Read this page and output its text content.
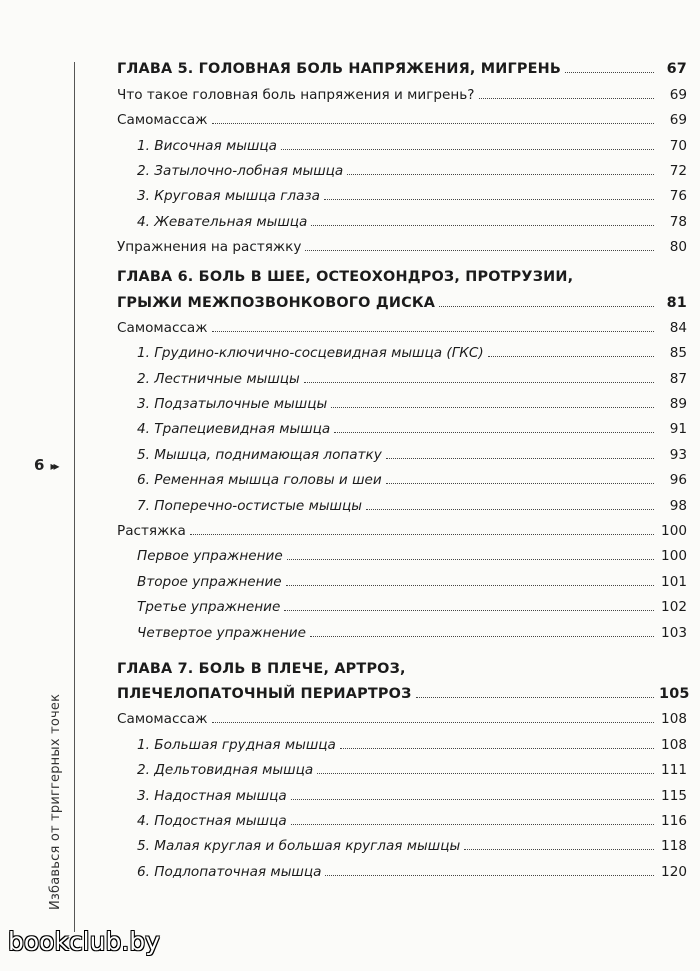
6 ▸▸
Избавься от триггерных точек
bookclub.by
ГЛАВА 5. ГОЛОВНАЯ БОЛЬ НАПРЯЖЕНИЯ, МИГРЕНЬ	67
Что такое головная боль напряжения и мигрень?	69
Самомассаж	69
1. Височная мышца	70
2. Затылочно-лобная мышца	72
3. Круговая мышца глаза	76
4. Жевательная мышца	78
Упражнения на растяжку	80
ГЛАВА 6. БОЛЬ В ШЕЕ, ОСТЕОХОНДРОЗ, ПРОТРУЗИИ,
ГРЫЖИ МЕЖПОЗВОНКОВОГО ДИСКА	81
Самомассаж	84
1. Грудино-ключично-сосцевидная мышца (ГКС)	85
2. Лестничные мышцы	87
3. Подзатылочные мышцы	89
4. Трапециевидная мышца	91
5. Мышца, поднимающая лопатку	93
6. Ременная мышца головы и шеи	96
7. Поперечно-остистые мышцы	98
Растяжка	100
Первое упражнение	100
Второе упражнение	101
Третье упражнение	102
Четвертое упражнение	103
ГЛАВА 7. БОЛЬ В ПЛЕЧЕ, АРТРОЗ,
ПЛЕЧЕЛОПАТОЧНЫЙ ПЕРИАРТРОЗ	105
Самомассаж	108
1. Большая грудная мышца	108
2. Дельтовидная мышца	111
3. Надостная мышца	115
4. Подостная мышца	116
5. Малая круглая и большая круглая мышцы	118
6. Подлопаточная мышца	120
